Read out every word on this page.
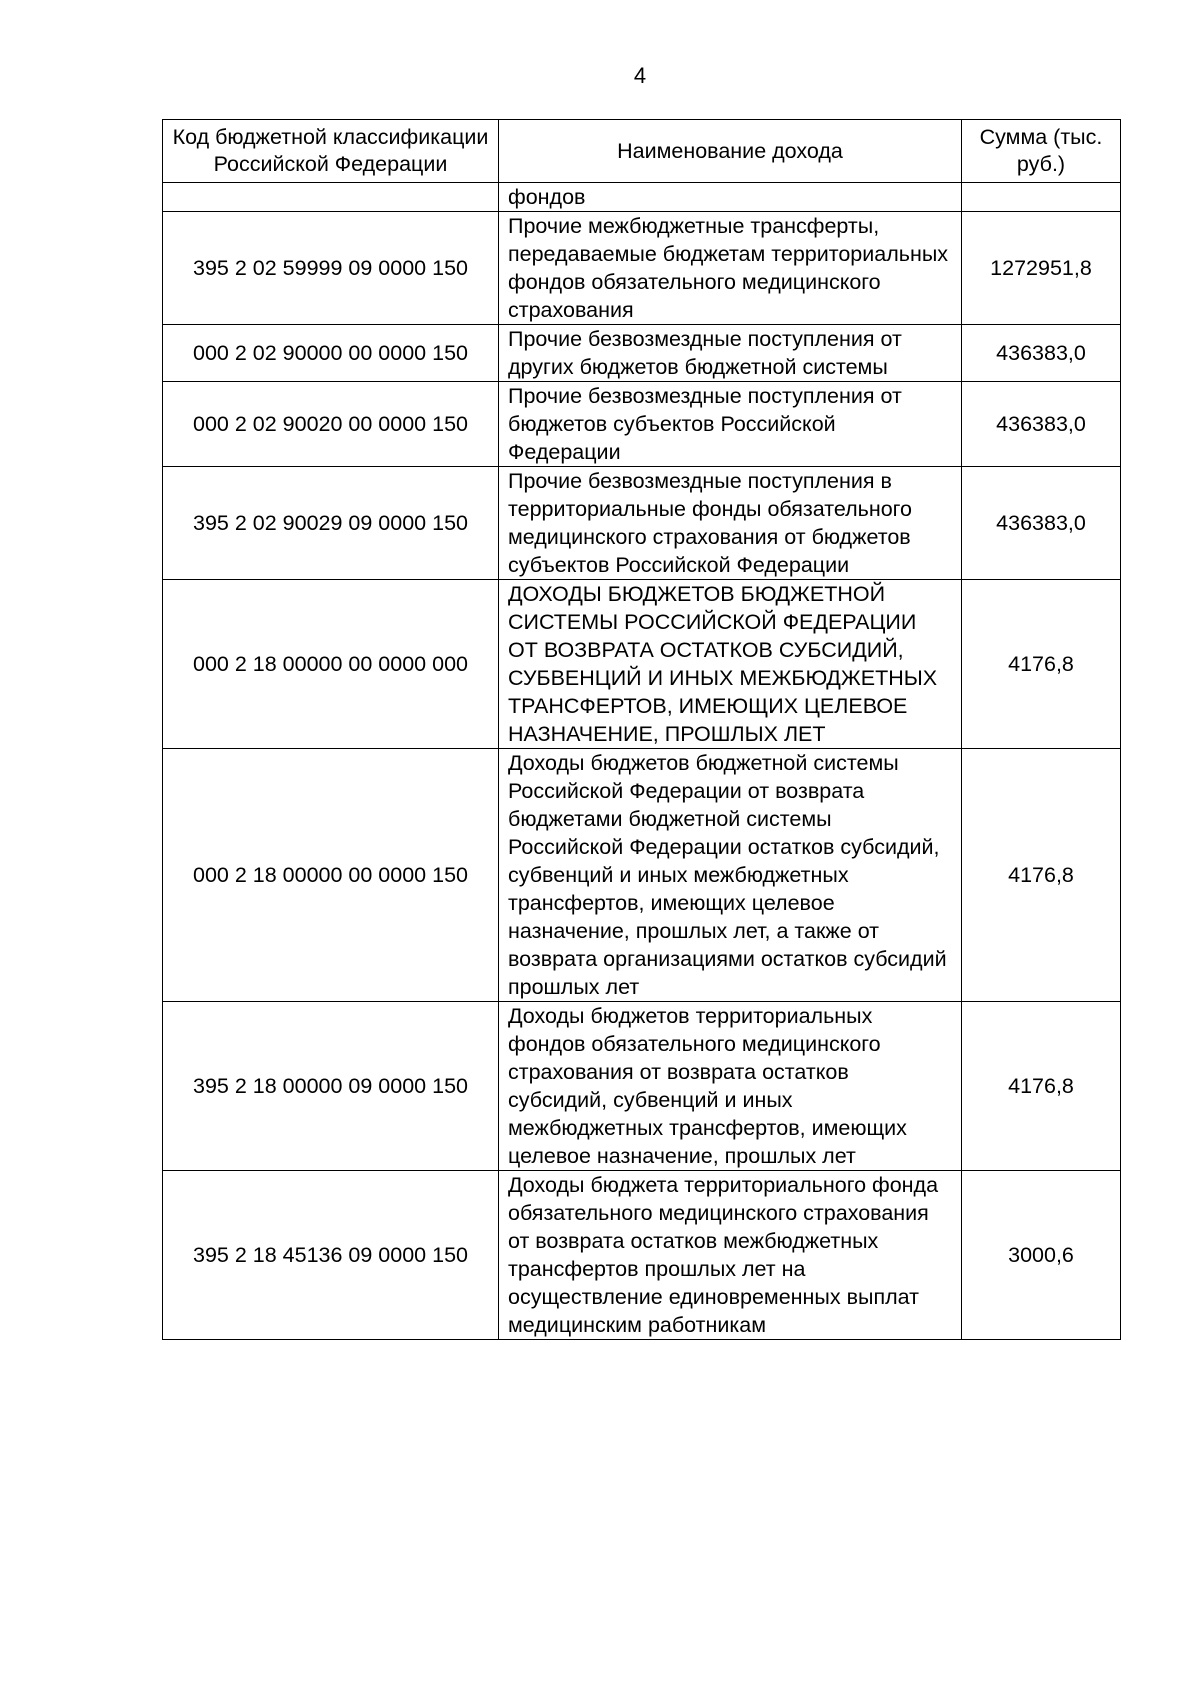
4
Код бюджетной классификации Российской Федерации	Наименование дохода	Сумма (тыс. руб.)
	фондов	
395 2 02 59999 09 0000 150	Прочие межбюджетные трансферты, передаваемые бюджетам территориальных фондов обязательного медицинского страхования	1272951,8
000 2 02 90000 00 0000 150	Прочие безвозмездные поступления от других бюджетов бюджетной системы	436383,0
000 2 02 90020 00 0000 150	Прочие безвозмездные поступления от бюджетов субъектов Российской Федерации	436383,0
395 2 02 90029 09 0000 150	Прочие безвозмездные поступления в территориальные фонды обязательного медицинского страхования от бюджетов субъектов Российской Федерации	436383,0
000 2 18 00000 00 0000 000	ДОХОДЫ БЮДЖЕТОВ БЮДЖЕТНОЙ СИСТЕМЫ РОССИЙСКОЙ ФЕДЕРАЦИИ ОТ ВОЗВРАТА ОСТАТКОВ СУБСИДИЙ, СУБВЕНЦИЙ И ИНЫХ МЕЖБЮДЖЕТНЫХ ТРАНСФЕРТОВ, ИМЕЮЩИХ ЦЕЛЕВОЕ НАЗНАЧЕНИЕ, ПРОШЛЫХ ЛЕТ	4176,8
000 2 18 00000 00 0000 150	Доходы бюджетов бюджетной системы Российской Федерации от возврата бюджетами бюджетной системы Российской Федерации остатков субсидий, субвенций и иных межбюджетных трансфертов, имеющих целевое назначение, прошлых лет, а также от возврата организациями остатков субсидий прошлых лет	4176,8
395 2 18 00000 09 0000 150	Доходы бюджетов территориальных фондов обязательного медицинского страхования от возврата остатков субсидий, субвенций и иных межбюджетных трансфертов, имеющих целевое назначение, прошлых лет	4176,8
395 2 18 45136 09 0000 150	Доходы бюджета территориального фонда обязательного медицинского страхования от возврата остатков межбюджетных трансфертов прошлых лет на осуществление единовременных выплат медицинским работникам	3000,6
